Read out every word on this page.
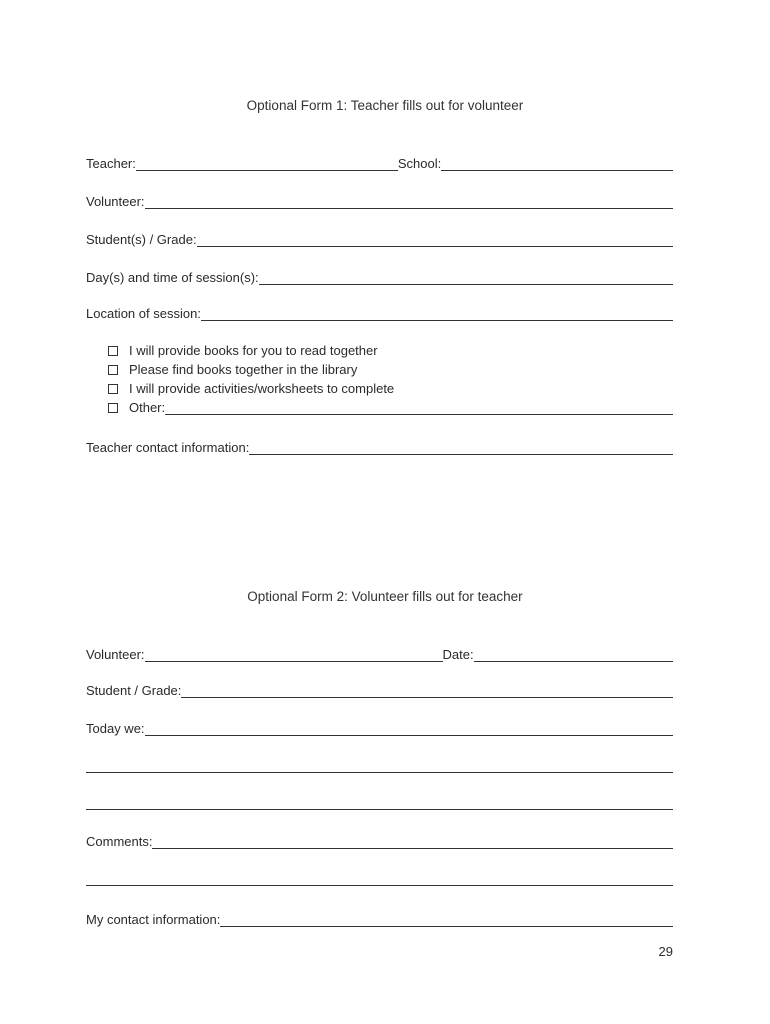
Optional Form 1: Teacher fills out for volunteer
Teacher:	School:
Volunteer:
Student(s) / Grade:
Day(s) and time of session(s):
Location of session:
I will provide books for you to read together
Please find books together in the library
I will provide activities/worksheets to complete
Other:
Teacher contact information:
Optional Form 2: Volunteer fills out for teacher
Volunteer:	Date:
Student / Grade:
Today we:
Comments:
My contact information:
29
